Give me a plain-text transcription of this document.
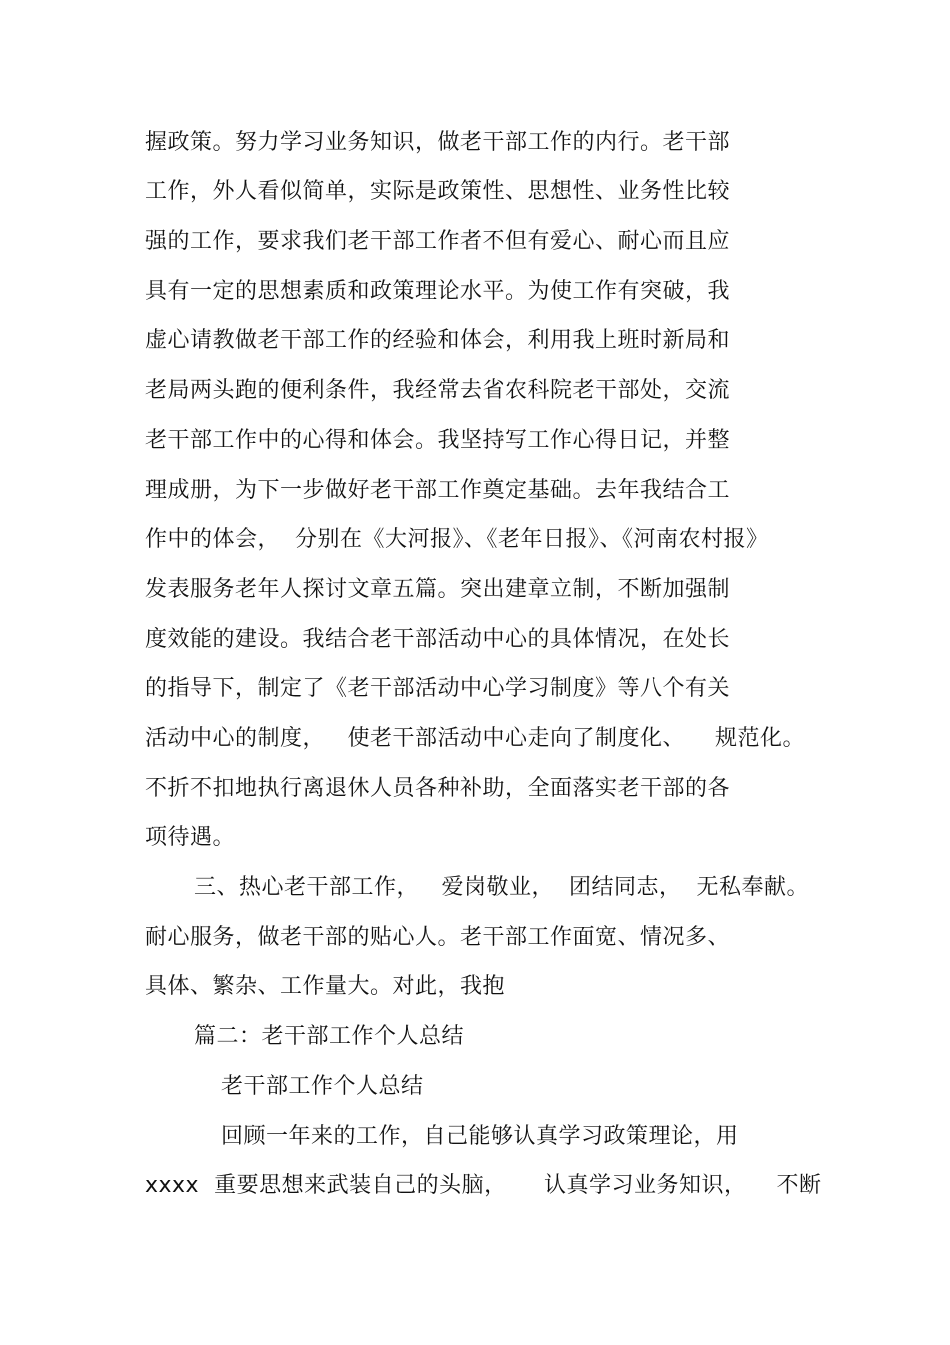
握政策。努力学习业务知识，做老干部工作的内行。老干部
工作，外人看似简单，实际是政策性、思想性、业务性比较
强的工作，要求我们老干部工作者不但有爱心、耐心而且应
具有一定的思想素质和政策理论水平。为使工作有突破，我
虚心请教做老干部工作的经验和体会，利用我上班时新局和
老局两头跑的便利条件，我经常去省农科院老干部处，交流
老干部工作中的心得和体会。我坚持写工作心得日记，并整
理成册，为下一步做好老干部工作奠定基础。去年我结合工
作中的体会，  分别在《大河报》、《老年日报》、《河南农村报》
发表服务老年人探讨文章五篇。突出建章立制，不断加强制
度效能的建设。我结合老干部活动中心的具体情况，在处长
的指导下，制定了《老干部活动中心学习制度》等八个有关
活动中心的制度，   使老干部活动中心走向了制度化、    规范化。
不折不扣地执行离退休人员各种补助，全面落实老干部的各
项待遇。
三、热心老干部工作，   爱岗敬业，  团结同志，  无私奉献。
耐心服务，做老干部的贴心人。老干部工作面宽、情况多、
具体、繁杂、工作量大。对此，我抱
篇二：老干部工作个人总结
老干部工作个人总结
回顾一年来的工作，自己能够认真学习政策理论，用
xxxx  重要思想来武装自己的头脑，     认真学习业务知识，    不断
